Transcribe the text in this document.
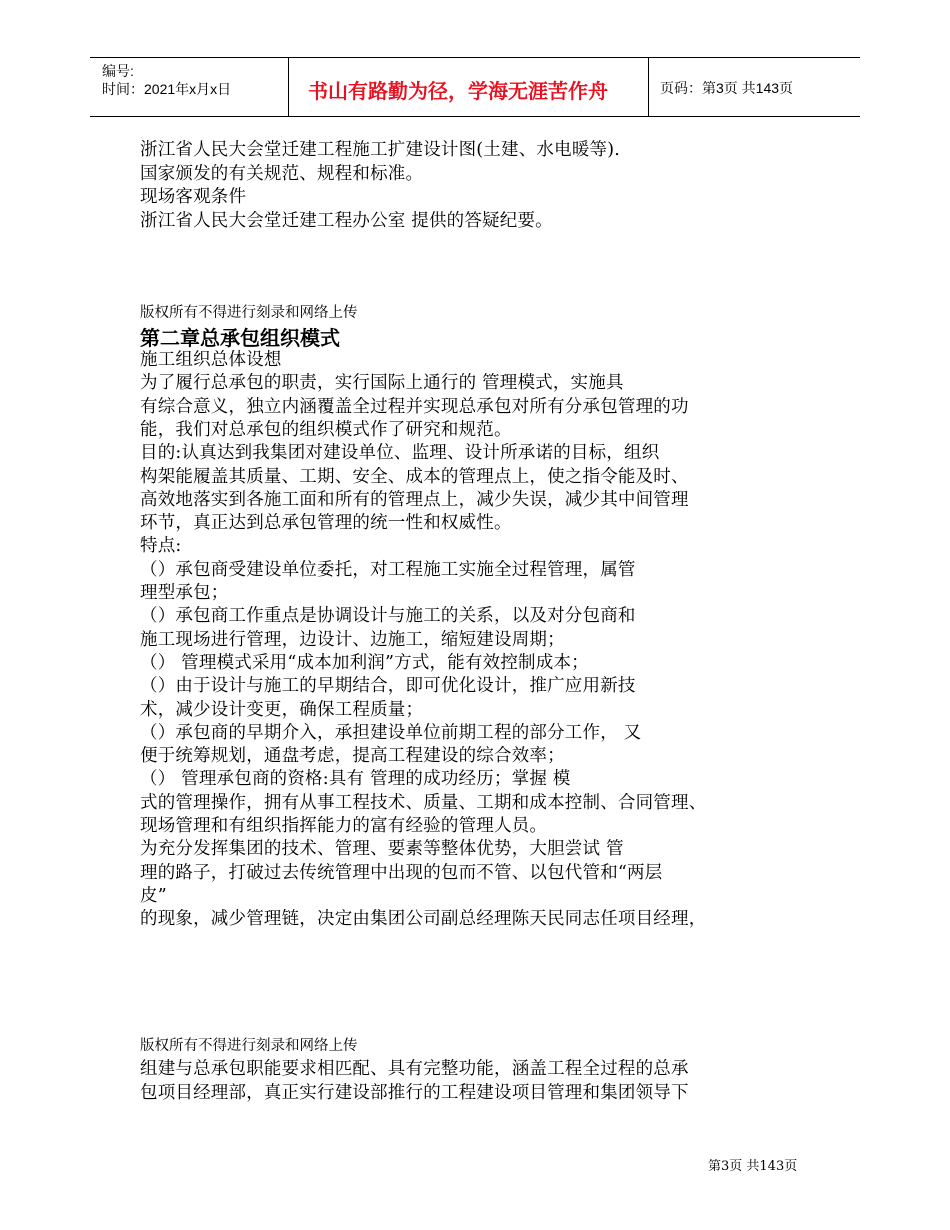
编号:
时间：2021年x月x日	书山有路勤为径，学海无涯苦作舟	页码：第3页 共143页
浙江省人民大会堂迁建工程施工扩建设计图(土建、水电暖等).
国家颁发的有关规范、规程和标准。
现场客观条件
浙江省人民大会堂迁建工程办公室 提供的答疑纪要。
版权所有不得进行刻录和网络上传
第二章总承包组织模式
施工组织总体设想
为了履行总承包的职责，实行国际上通行的 管理模式，实施具
有综合意义，独立内涵覆盖全过程并实现总承包对所有分承包管理的功
能，我们对总承包的组织模式作了研究和规范。
目的:认真达到我集团对建设单位、监理、设计所承诺的目标，组织
构架能履盖其质量、工期、安全、成本的管理点上，使之指令能及时、
高效地落实到各施工面和所有的管理点上，减少失误，减少其中间管理
环节，真正达到总承包管理的统一性和权威性。
特点:
（）承包商受建设单位委托，对工程施工实施全过程管理，属管
理型承包；
（）承包商工作重点是协调设计与施工的关系，以及对分包商和
施工现场进行管理，边设计、边施工，缩短建设周期；
（） 管理模式采用“成本加利润”方式，能有效控制成本；
（）由于设计与施工的早期结合，即可优化设计，推广应用新技
术，减少设计变更，确保工程质量；
（）承包商的早期介入，承担建设单位前期工程的部分工作， 又
便于统筹规划，通盘考虑，提高工程建设的综合效率；
（） 管理承包商的资格:具有 管理的成功经历；掌握 模
式的管理操作，拥有从事工程技术、质量、工期和成本控制、合同管理、
现场管理和有组织指挥能力的富有经验的管理人员。
为充分发挥集团的技术、管理、要素等整体优势，大胆尝试 管
理的路子，打破过去传统管理中出现的包而不管、以包代管和“两层
皮”
的现象，减少管理链，决定由集团公司副总经理陈天民同志任项目经理，
版权所有不得进行刻录和网络上传
组建与总承包职能要求相匹配、具有完整功能，涵盖工程全过程的总承
包项目经理部，真正实行建设部推行的工程建设项目管理和集团领导下
第3页 共143页
